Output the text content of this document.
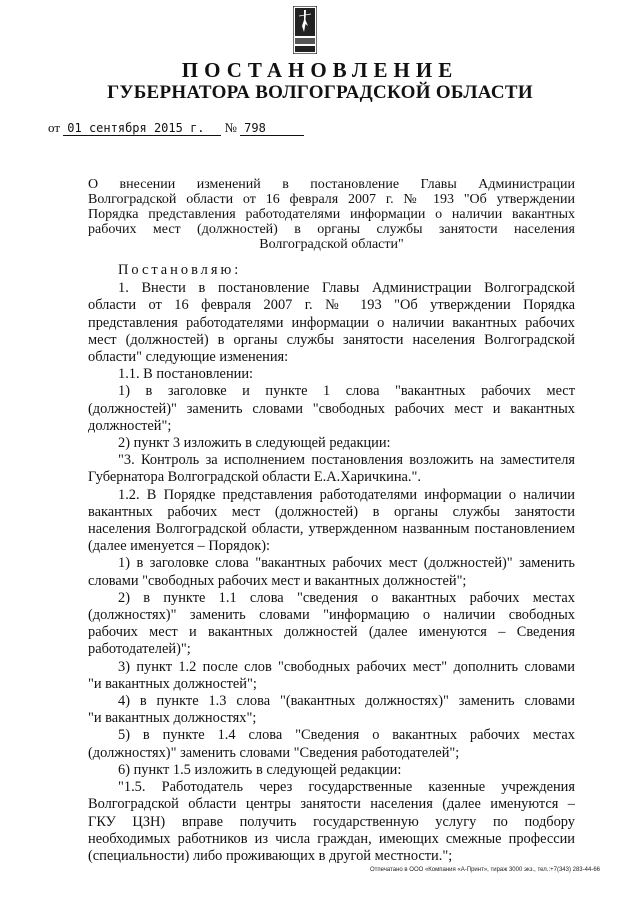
ПОСТАНОВЛЕНИЕ
ГУБЕРНАТОРА ВОЛГОГРАДСКОЙ ОБЛАСТИ
от 01 сентября 2015 г. № 798
О внесении изменений в постановление Главы Администрации
Волгоградской области от 16 февраля 2007 г. № 193 "Об утверждении
Порядка представления работодателями информации о наличии вакантных
рабочих мест (должностей) в органы службы занятости населения
Волгоградской области"

Постановляю:

1. Внести в постановление Главы Администрации Волгоградской
области от 16 февраля 2007 г. № 193 "Об утверждении Порядка
представления работодателями информации о наличии вакантных рабочих
мест (должностей) в органы службы занятости населения Волгоградской
области" следующие изменения:
1.1. В постановлении:
1) в заголовке и пункте 1 слова "вакантных рабочих мест
(должностей)" заменить словами "свободных рабочих мест и вакантных
должностей";
2) пункт 3 изложить в следующей редакции:
"3. Контроль за исполнением постановления возложить на заместителя
Губернатора Волгоградской области Е.А.Харичкина.".
1.2. В Порядке представления работодателями информации о наличии
вакантных рабочих мест (должностей) в органы службы занятости
населения Волгоградской области, утвержденном названным постановлением
(далее именуется – Порядок):
1) в заголовке слова "вакантных рабочих мест (должностей)" заменить
словами "свободных рабочих мест и вакантных должностей";
2) в пункте 1.1 слова "сведения о вакантных рабочих местах
(должностях)" заменить словами "информацию о наличии свободных
рабочих мест и вакантных должностей (далее именуются – Сведения
работодателей)";
3) пункт 1.2 после слов "свободных рабочих мест" дополнить словами
"и вакантных должностей";
4) в пункте 1.3 слова "(вакантных должностях)" заменить словами
"и вакантных должностях";
5) в пункте 1.4 слова "Сведения о вакантных рабочих местах
(должностях)" заменить словами "Сведения работодателей";
6) пункт 1.5 изложить в следующей редакции:
"1.5. Работодатель через государственные казенные учреждения
Волгоградской области центры занятости населения (далее именуются –
ГКУ ЦЗН) вправе получить государственную услугу по подбору
необходимых работников из числа граждан, имеющих смежные профессии
(специальности) либо проживающих в другой местности.";
Отпечатано в ООО «Компания «А-Принт», тираж 3000 экз., тел.:+7(343) 283-44-66
